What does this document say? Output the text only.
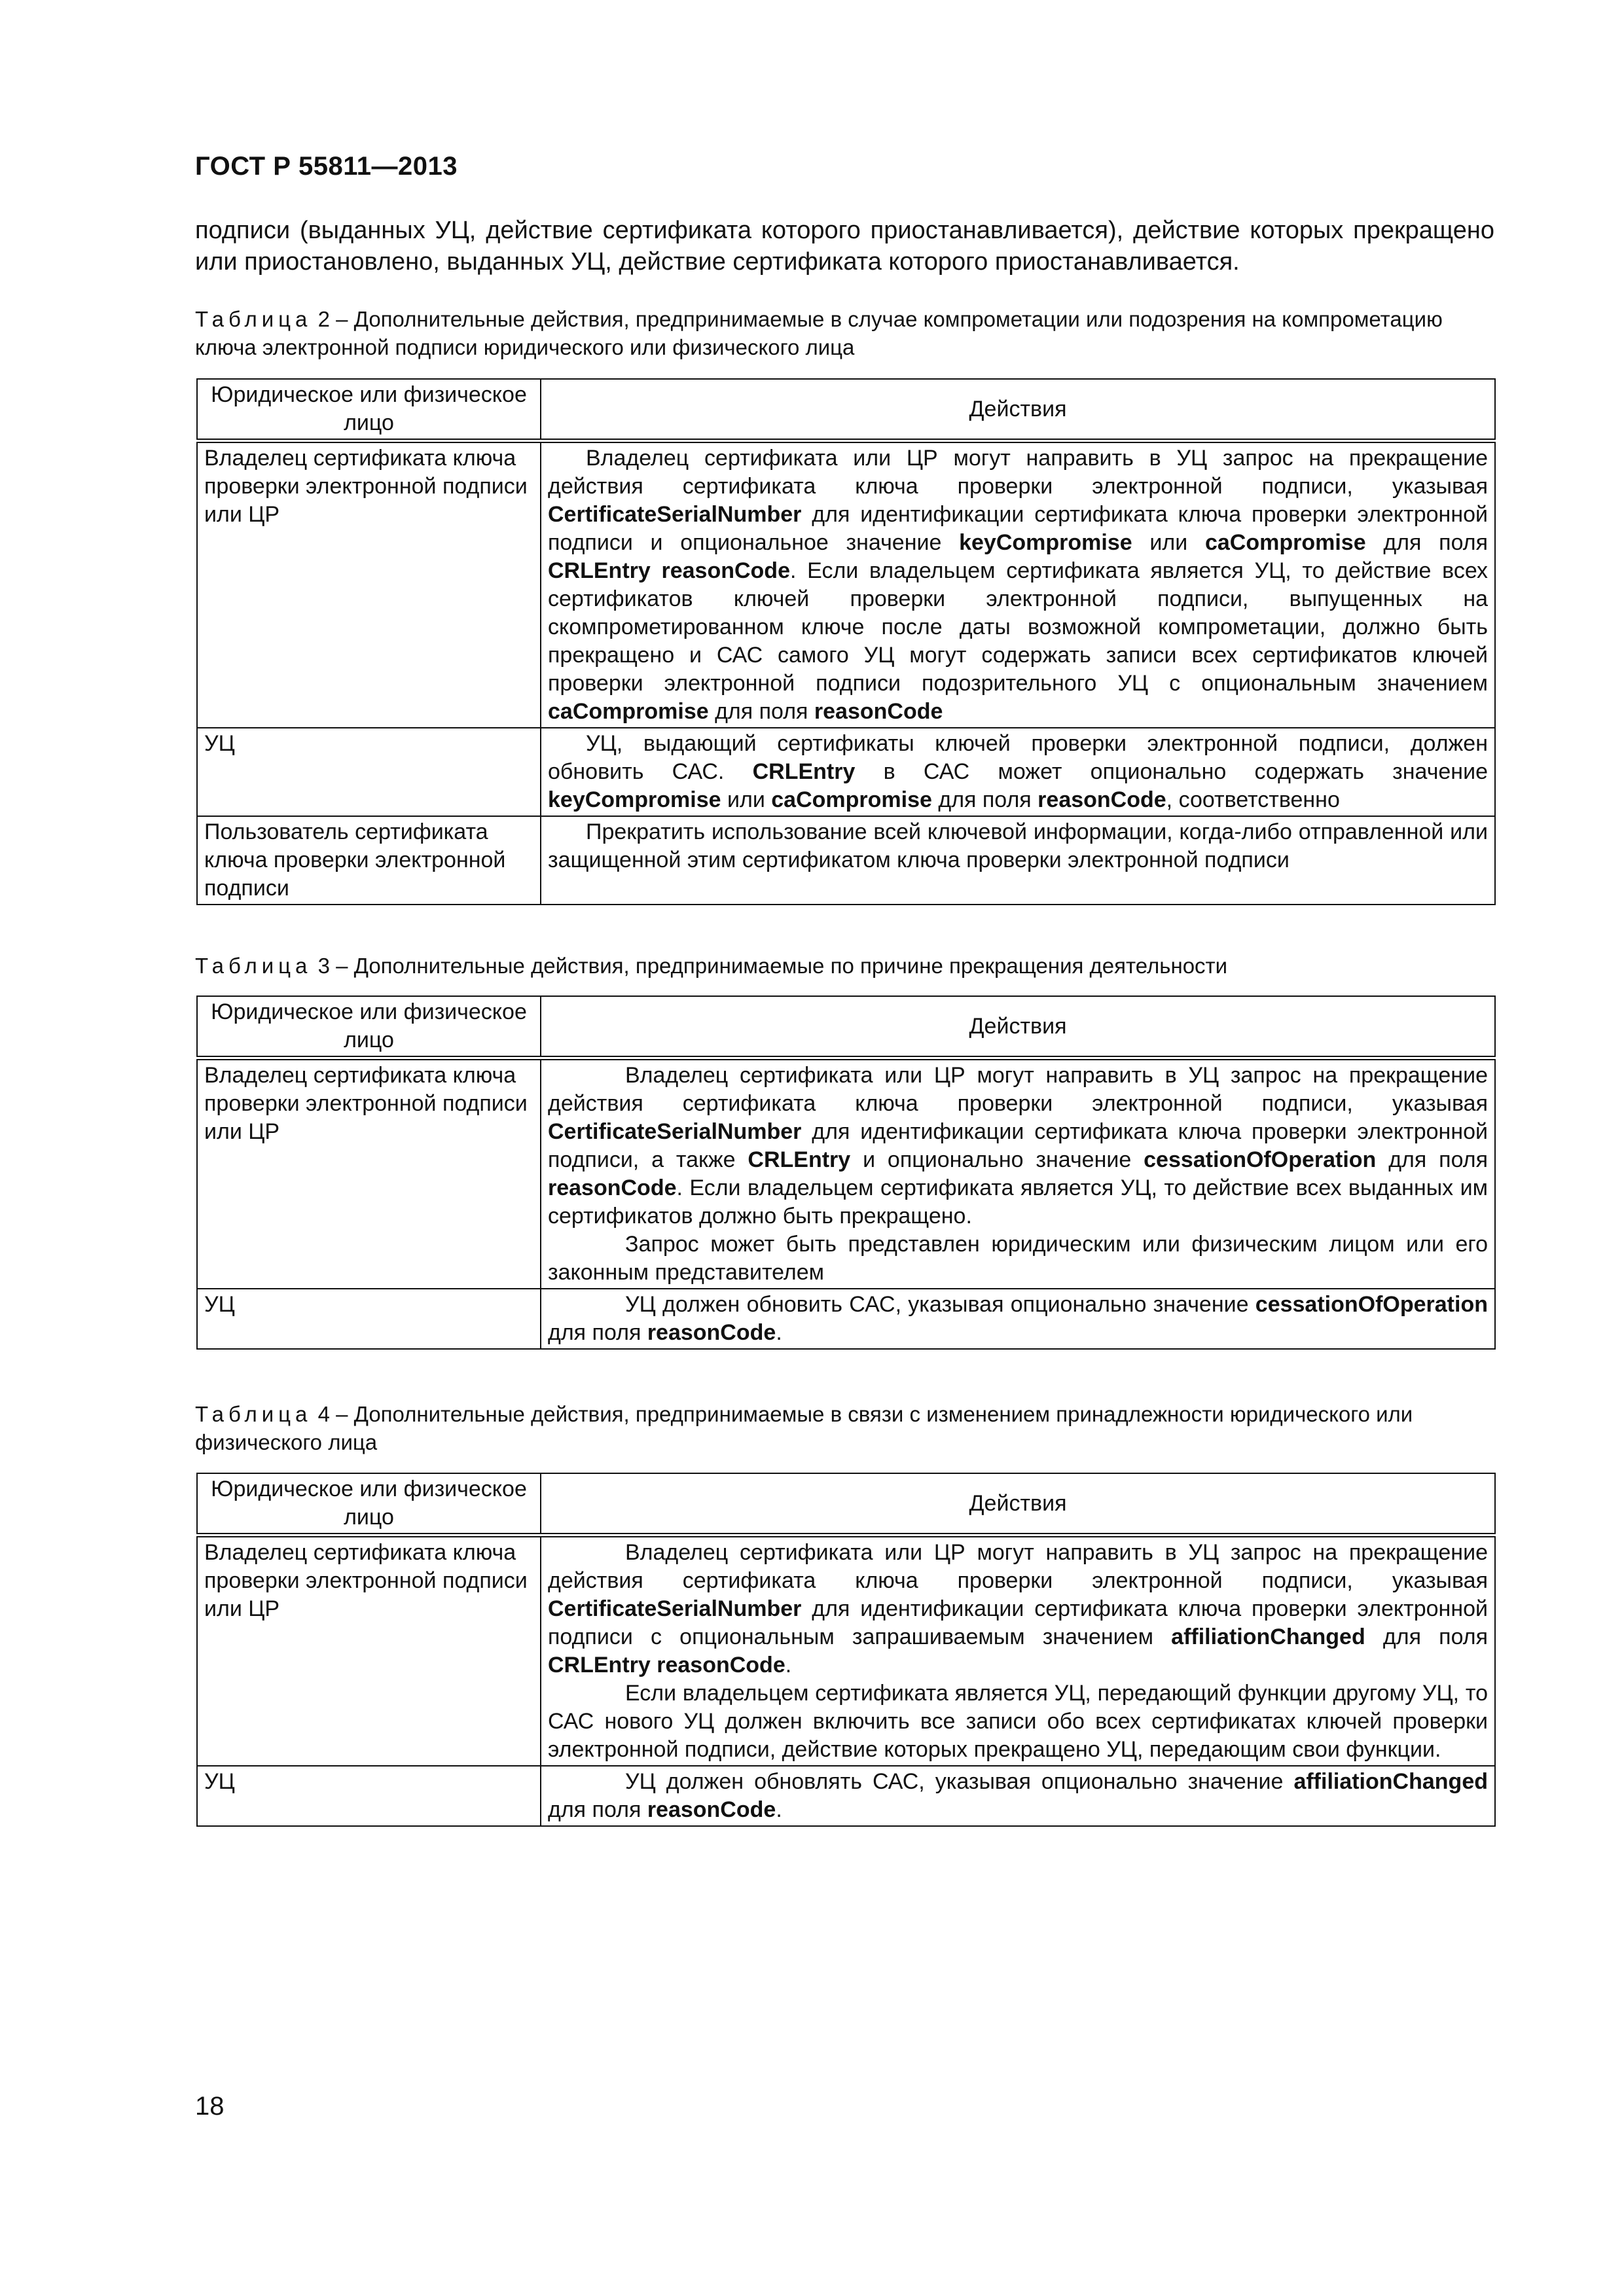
ГОСТ Р 55811—2013
подписи (выданных УЦ, действие сертификата которого приостанавливается), действие которых прекращено или приостановлено, выданных УЦ, действие сертификата которого приостанавливается.
Таблица 2 – Дополнительные действия, предпринимаемые в случае компрометации или подозрения на компрометацию ключа электронной подписи юридического или физического лица
Юридическое или физическое лицо	Действия
Владелец сертификата ключа проверки электронной подписи или ЦР	Владелец сертификата или ЦР могут направить в УЦ запрос на прекращение действия сертификата ключа проверки электронной подписи, указывая CertificateSerialNumber для идентификации сертификата ключа проверки электронной подписи и опциональное значение keyCompromise или caCompromise для поля CRLEntry reasonCode. Если владельцем сертификата является УЦ, то действие всех сертификатов ключей проверки электронной подписи, выпущенных на скомпрометированном ключе после даты возможной компрометации, должно быть прекращено и САС самого УЦ могут содержать записи всех сертификатов ключей проверки электронной подписи подозрительного УЦ с опциональным значением caCompromise для поля reasonCode

УЦ	УЦ, выдающий сертификаты ключей проверки электронной подписи, должен обновить САС. CRLEntry в САС может опционально содержать значение keyCompromise или caCompromise для поля reasonCode, соответственно

Пользователь сертификата ключа проверки электронной подписи	Прекратить использование всей ключевой информации, когда-либо отправленной или защищенной этим сертификатом ключа проверки электронной подписи

Таблица 3 – Дополнительные действия, предпринимаемые по причине прекращения деятельности
Юридическое или физическое лицо	Действия
Владелец сертификата ключа проверки электронной подписи или ЦР	Владелец сертификата или ЦР могут направить в УЦ запрос на прекращение действия сертификата ключа проверки электронной подписи, указывая CertificateSerialNumber для идентификации сертификата ключа проверки электронной подписи, а также CRLEntry и опционально значение cessationOfOperation для поля reasonCode. Если владельцем сертификата является УЦ, то действие всех выданных им сертификатов должно быть прекращено.

Запрос может быть представлен юридическим или физическим лицом или его законным представителем

УЦ	УЦ должен обновить САС, указывая опционально значение cessationOfOperation для поля reasonCode.

Таблица 4 – Дополнительные действия, предпринимаемые в связи с изменением принадлежности юридического или физического лица
Юридическое или физическое лицо	Действия
Владелец сертификата ключа проверки электронной подписи или ЦР	Владелец сертификата или ЦР могут направить в УЦ запрос на прекращение действия сертификата ключа проверки электронной подписи, указывая CertificateSerialNumber для идентификации сертификата ключа проверки электронной подписи с опциональным запрашиваемым значением affiliationChanged для поля CRLEntry reasonCode.

Если владельцем сертификата является УЦ, передающий функции другому УЦ, то САС нового УЦ должен включить все записи обо всех сертификатах ключей проверки электронной подписи, действие которых прекращено УЦ, передающим свои функции.

УЦ	УЦ должен обновлять САС, указывая опционально значение affiliationChanged для поля reasonCode.

18
